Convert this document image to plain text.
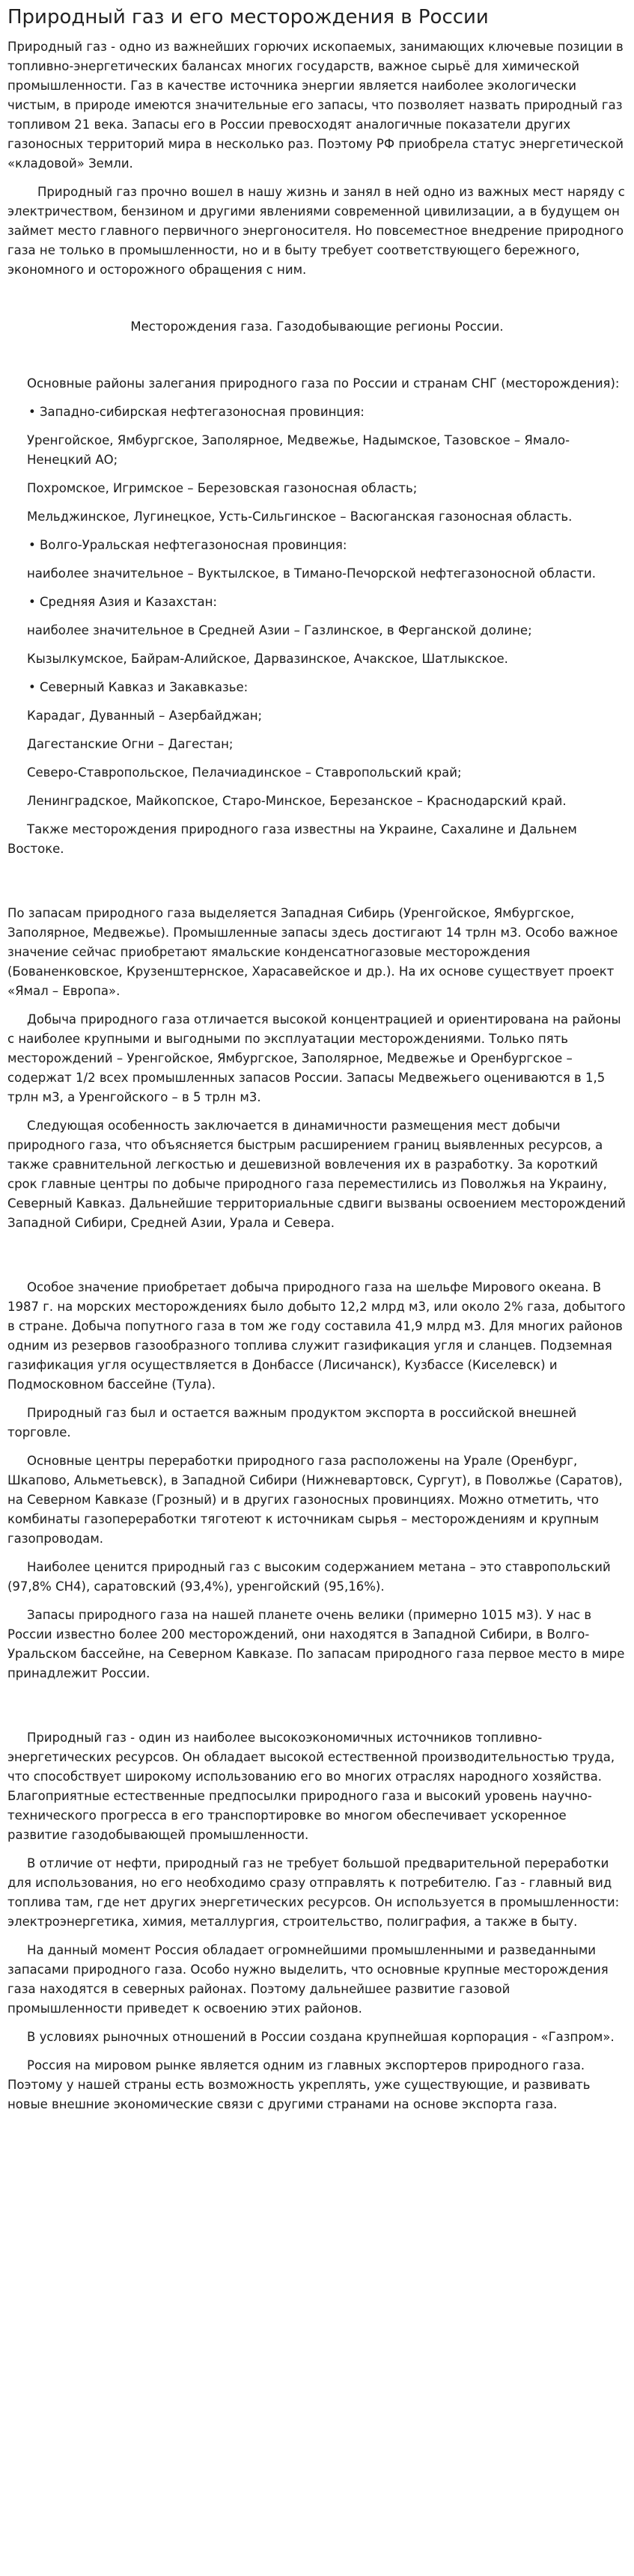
Природный газ и его месторождения в России

Природный газ - одно из важнейших горючих ископаемых, занимающих ключевые позиции в топливно-энергетических балансах многих государств, важное сырьё для химической промышленности. Газ в качестве источника энергии является наиболее экологически чистым, в природе имеются значительные его запасы, что позволяет назвать природный газ топливом 21 века. Запасы его в России превосходят аналогичные показатели других газоносных территорий мира в несколько раз. Поэтому РФ приобрела статус энергетической «кладовой» Земли.

Природный газ прочно вошел в нашу жизнь и занял в ней одно из важных мест наряду с электричеством, бензином и другими явлениями современной цивилизации, а в будущем он займет место главного первичного энергоносителя. Но повсеместное внедрение природного газа не только в промышленности, но и в быту требует соответствующего бережного, экономного и осторожного обращения с ним.

Месторождения газа. Газодобывающие регионы России.

Основные районы залегания природного газа по России и странам СНГ (месторождения):

• Западно-сибирская нефтегазоносная провинция:

Уренгойское, Ямбургское, Заполярное, Медвежье, Надымское, Тазовское – Ямало-Ненецкий АО;

Похромское, Игримское – Березовская газоносная область;

Мельджинское, Лугинецкое, Усть-Сильгинское – Васюганская газоносная область.

• Волго-Уральская нефтегазоносная провинция:

наиболее значительное – Вуктылское, в Тимано-Печорской нефтегазоносной области.

• Средняя Азия и Казахстан:

наиболее значительное в Средней Азии – Газлинское, в Ферганской долине;

Кызылкумское, Байрам-Алийское, Дарвазинское, Ачакское, Шатлыкское.

• Северный Кавказ и Закавказье:

Карадаг, Дуванный – Азербайджан;

Дагестанские Огни – Дагестан;

Северо-Ставропольское, Пелачиадинское – Ставропольский край;

Ленинградское, Майкопское, Старо-Минское, Березанское – Краснодарский край.

Также месторождения природного газа известны на Украине, Сахалине и Дальнем Востоке.

По запасам природного газа выделяется Западная Сибирь (Уренгойское, Ямбургское, Заполярное, Медвежье). Промышленные запасы здесь достигают 14 трлн м3. Особо важное значение сейчас приобретают ямальские конденсатногазовые месторождения (Бованенковское, Крузенштернское, Харасавейское и др.). На их основе существует проект «Ямал – Европа».

Добыча природного газа отличается высокой концентрацией и ориентирована на районы с наиболее крупными и выгодными по эксплуатации месторождениями. Только пять месторождений – Уренгойское, Ямбургское, Заполярное, Медвежье и Оренбургское – содержат 1/2 всех промышленных запасов России. Запасы Медвежьего оцениваются в 1,5 трлн м3, а Уренгойского – в 5 трлн м3.

Следующая особенность заключается в динамичности размещения мест добычи природного газа, что объясняется быстрым расширением границ выявленных ресурсов, а также сравнительной легкостью и дешевизной вовлечения их в разработку. За короткий срок главные центры по добыче природного газа переместились из Поволжья на Украину, Северный Кавказ. Дальнейшие территориальные сдвиги вызваны освоением месторождений Западной Сибири, Средней Азии, Урала и Севера.

Особое значение приобретает добыча природного газа на шельфе Мирового океана. В 1987 г. на морских месторождениях было добыто 12,2 млрд м3, или около 2% газа, добытого в стране. Добыча попутного газа в том же году составила 41,9 млрд м3. Для многих районов одним из резервов газообразного топлива служит газификация угля и сланцев. Подземная газификация угля осуществляется в Донбассе (Лисичанск), Кузбассе (Киселевск) и Подмосковном бассейне (Тула).

Природный газ был и остается важным продуктом экспорта в российской внешней торговле.

Основные центры переработки природного газа расположены на Урале (Оренбург, Шкапово, Альметьевск), в Западной Сибири (Нижневартовск, Сургут), в Поволжье (Саратов), на Северном Кавказе (Грозный) и в других газоносных провинциях. Можно отметить, что комбинаты газопереработки тяготеют к источникам сырья – месторождениям и крупным газопроводам.

Наиболее ценится природный газ с высоким содержанием метана – это ставропольский (97,8% CH4), саратовский (93,4%), уренгойский (95,16%).

Запасы природного газа на нашей планете очень велики (примерно 1015 м3). У нас в России известно более 200 месторождений, они находятся в Западной Сибири, в Волго-Уральском бассейне, на Северном Кавказе. По запасам природного газа первое место в мире принадлежит России.

Природный газ - один из наиболее высокоэкономичных источников топливно-энергетических ресурсов. Он обладает высокой естественной производительностью труда, что способствует широкому использованию его во многих отраслях народного хозяйства. Благоприятные естественные предпосылки природного газа и высокий уровень научно-технического прогресса в его транспортировке во многом обеспечивает ускоренное развитие газодобывающей промышленности.

В отличие от нефти, природный газ не требует большой предварительной переработки для использования, но его необходимо сразу отправлять к потребителю. Газ - главный вид топлива там, где нет других энергетических ресурсов. Он используется в промышленности: электроэнергетика, химия, металлургия, строительство, полиграфия, а также в быту.

На данный момент Россия обладает огромнейшими промышленными и разведанными запасами природного газа. Особо нужно выделить, что основные крупные месторождения газа находятся в северных районах. Поэтому дальнейшее развитие газовой промышленности приведет к освоению этих районов.

В условиях рыночных отношений в России создана крупнейшая корпорация - «Газпром».

Россия на мировом рынке является одним из главных экспортеров природного газа. Поэтому у нашей страны есть возможность укреплять, уже существующие, и развивать новые внешние экономические связи с другими странами на основе экспорта газа.
